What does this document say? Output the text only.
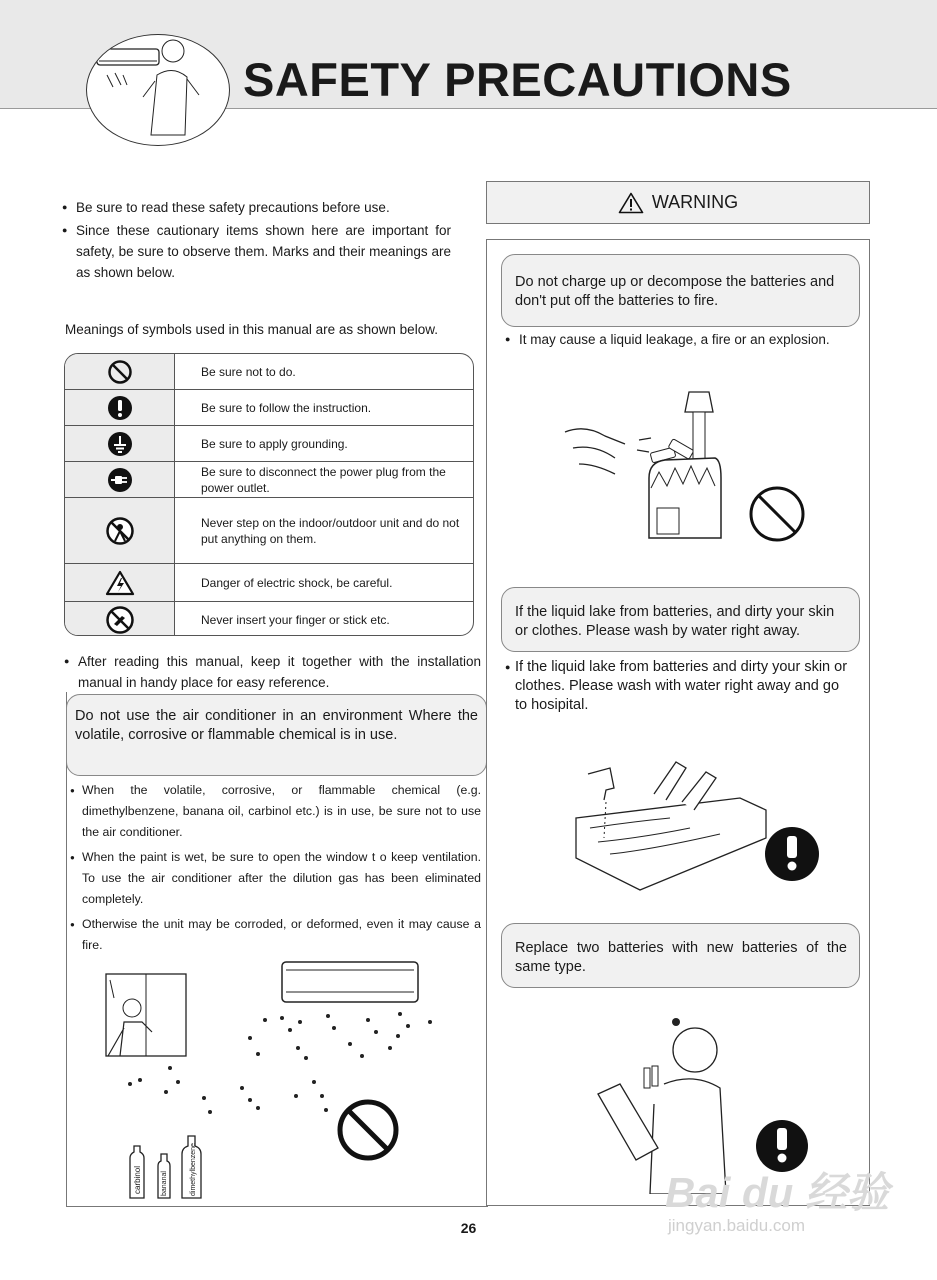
SAFETY PRECAUTIONS
● Be sure to read these safety precautions before use.
● Since these cautionary items shown here are important for safety, be sure to observe them. Marks and their meanings are as shown below.
Meanings of symbols used in this manual are as shown below.
Be sure not to do.
Be sure to follow the instruction.
Be sure to apply grounding.
Be sure to disconnect the power plug from the power outlet.
Never step on the indoor/outdoor unit and do not put anything on them.
Danger of electric shock, be careful.
Never insert your finger or stick etc.
● After reading this manual, keep it together with the installation manual in handy place for easy reference.
Do not use the air conditioner in an environment Where the volatile, corrosive or flammable chemical is in use.
● When the volatile, corrosive, or flammable chemical (e.g. dimethylbenzene, banana oil, carbinol etc.) is in use, be sure not to use the air conditioner.
● When the paint is wet, be sure to open the window t o keep ventilation. To use the air conditioner after the dilution gas has been eliminated completely.
● Otherwise the unit may be corroded, or deformed, even it may cause a fire.
carbinol	bananal	dimethylbenzene
WARNING
Do not charge up or decompose the batteries and don't put off the batteries to fire.
● It may cause a liquid leakage, a fire or an explosion.
If the liquid lake from batteries, and dirty your skin or clothes. Please wash by water right away.
● If the liquid lake from batteries and dirty your skin or clothes. Please wash with water right away and go to hosipital.
Replace two batteries with new batteries of the same type.
Bai du 经验
jingyan.baidu.com
26
